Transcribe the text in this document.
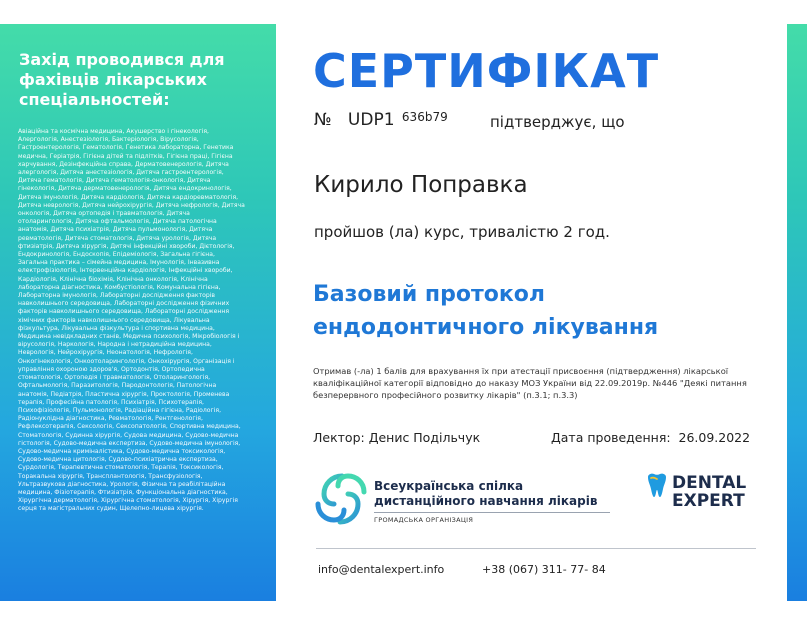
Захід проводився для фахівців лікарських спеціальностей:
Авіаційна та космічна медицина, Акушерство і гінекологія, Алергологія, Анестезіологія, Бактеріологія, Вірусологія, Гастроентерологія, Гематологія, Генетика лабораторна, Генетика медична, Геріатрія, Гігієна дітей та підлітків, Гігієна праці, Гігієна харчування, Дезінфекційна справа, Дерматовенерологія, Дитяча алергологія, Дитяча анестезіологія, Дитяча гастроентерологія, Дитяча гематологія, Дитяча гематологія-онкологія, Дитяча гінекологія, Дитяча дерматовенерологія, Дитяча ендокринологія, Дитяча імунологія, Дитяча кардіологія, Дитяча кардіоревматологія, Дитяча неврологія, Дитяча нейрохірургія, Дитяча нефрологія, Дитяча онкологія, Дитяча ортопедія і травматологія, Дитяча отоларингологія, Дитяча офтальмологія, Дитяча патологічна анатомія, Дитяча психіатрія, Дитяча пульмонологія, Дитяча ревматологія, Дитяча стоматологія, Дитяча урологія, Дитяча фтизіатрія, Дитяча хірургія, Дитячі інфекційні хвороби, Дієтологія, Ендокринологія, Ендоскопія, Епідеміологія, Загальна гігієна, Загальна практика – сімейна медицина, Імунологія, Інвазивна електрофізіологія, Інтервенційна кардіологія, Інфекційні хвороби, Кардіологія, Клінічна біохімія, Клінічна онкологія, Клінічна лабораторна діагностика, Комбустіологія, Комунальна гігієна, Лабораторна імунологія, Лабораторні дослідження факторів навколишнього середовища, Лабораторні дослідження фізичних факторів навколишнього середовища, Лабораторні дослідження хімічних факторів навколишнього середовища, Лікувальна фізкультура, Лікувальна фізкультура і спортивна медицина, Медицина невідкладних станів, Медична психологія, Мікробіологія і вірусологія, Наркологія, Народна і нетрадиційна медицина, Неврологія, Нейрохірургія, Неонатологія, Нефрологія, Онкогінекологія, Онкоотоларингологія, Онкохірургія, Організація і управління охороною здоров'я, Ортодонтія, Ортопедична стоматологія, Ортопедія і травматологія, Отоларингологія, Офтальмологія, Паразитологія, Пародонтологія, Патологічна анатомія, Педіатрія, Пластична хірургія, Проктологія, Променева терапія, Професійна патологія, Психіатрія, Психотерапія, Психофізіологія, Пульмонологія, Радіаційна гігієна, Радіологія, Радіонуклідна діагностика, Ревматологія, Рентгенологія, Рефлексотерапія, Сексологія, Сексопатологія, Спортивна медицина, Стоматологія, Судинна хірургія, Судова медицина, Судово-медична гістологія, Судово-медична експертиза, Судово-медична імунологія, Судово-медична криміналістика, Судово-медична токсикологія, Судово-медична цитологія, Судово-психіатрична експертиза, Сурдологія, Терапевтична стоматологія, Терапія, Токсикологія, Торакальна хірургія, Трансплантологія, Трансфузіологія, Ультразвукова діагностика, Урологія, Фізична та реабілітаційна медицина, Фізіотерапія, Фтизіатрія, Функціональна діагностика, Хірургічна дерматологія, Хірургічна стоматологія, Хірургія, Хірургія серця та магістральних судин, Щелепно-лицева хірургія.
СЕРТИФІКАТ
№ UDP1 $^{636b79}$	підтверджує, що
Кирило Поправка
пройшов (ла) курс, тривалістю 2 год.
Базовий протокол ендодонтичного лікування
Отримав (-ла) 1 балів для врахування їх при атестації присвоєння (підтвердження) лікарської кваліфікаційної категорії відповідно до наказу МОЗ України від 22.09.2019р. №446 "Деякі питання безперервного професійного розвитку лікарів" (п.3.1; п.3.3)
Лектор: Денис Подільчук	Дата проведення: 26.09.2022
Всеукраїнська спілка дистанційного навчання лікарів
ГРОМАДСЬКА ОРГАНІЗАЦІЯ
DENTAL
EXPERT
info@dentalexpert.info	+38 (067) 311- 77- 84
